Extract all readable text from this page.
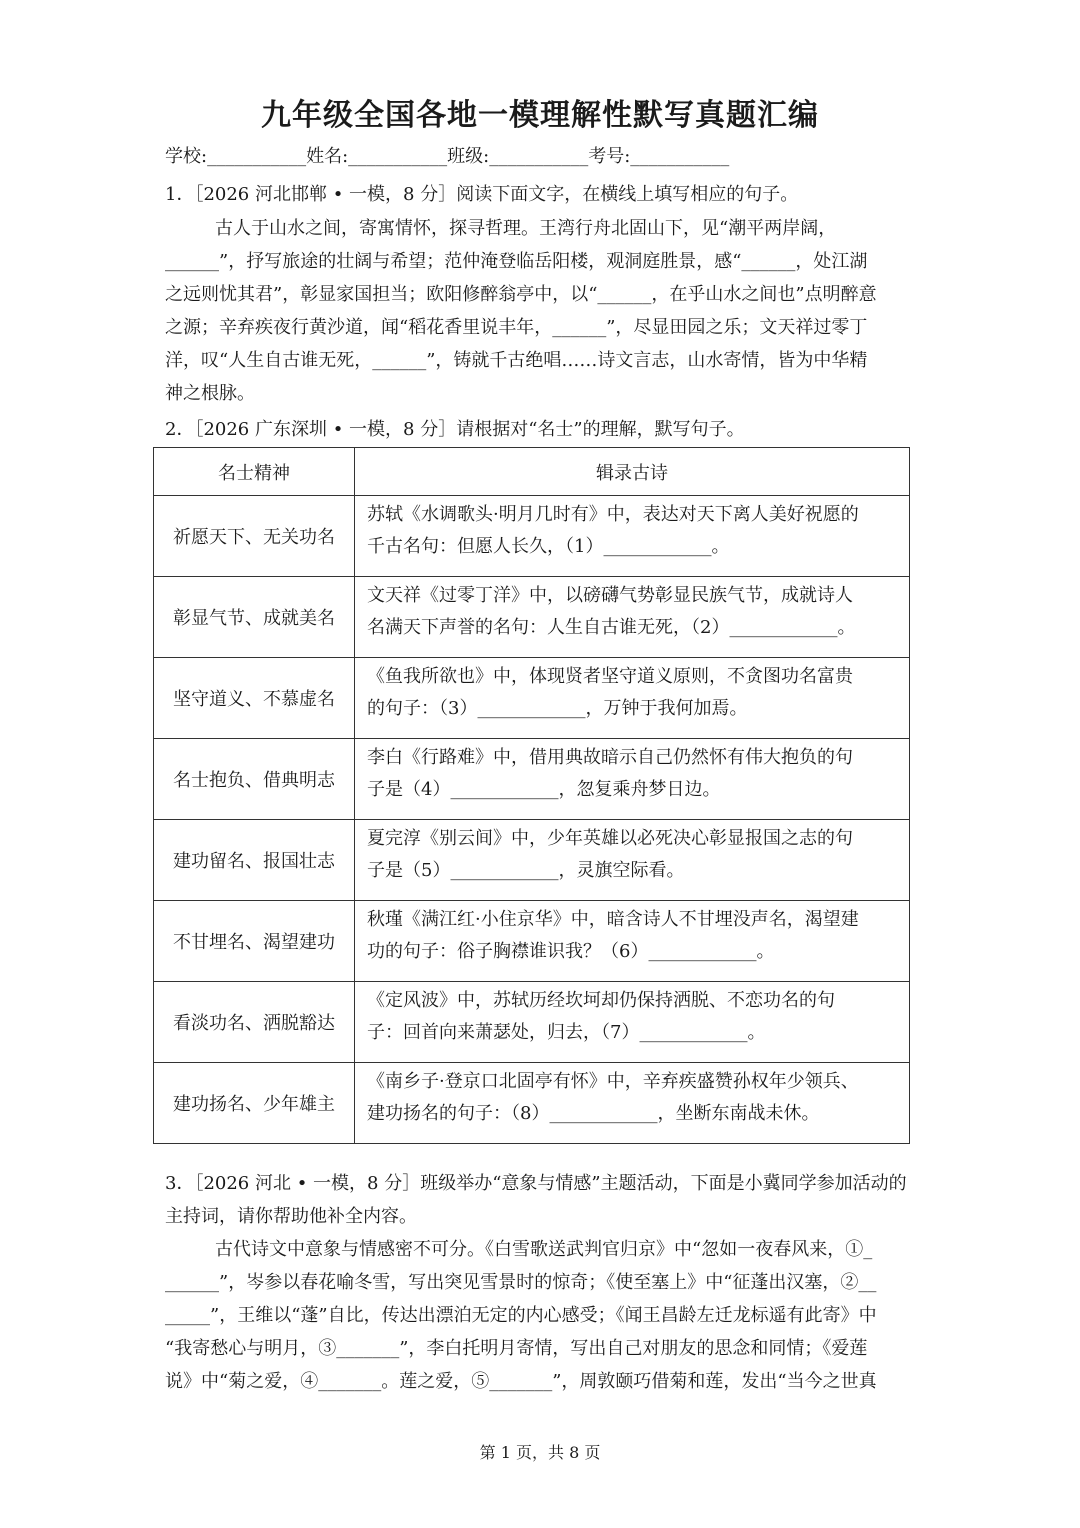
九年级全国各地一模理解性默写真题汇编
学校:___________姓名:___________班级:___________考号:___________
1．［2026 河北邯郸 • 一模，8 分］阅读下面文字，在横线上填写相应的句子。

古人于山水之间，寄寓情怀，探寻哲理。王湾行舟北固山下，见“潮平两岸阔，

______”，抒写旅途的壮阔与希望；范仲淹登临岳阳楼，观洞庭胜景，感“______，处江湖

之远则忧其君”，彰显家国担当；欧阳修醉翁亭中，以“______，在乎山水之间也”点明醉意

之源；辛弃疾夜行黄沙道，闻“稻花香里说丰年，______”，尽显田园之乐；文天祥过零丁

洋，叹“人生自古谁无死，______”，铸就千古绝唱……诗文言志，山水寄情，皆为中华精

神之根脉。

2．［2026 广东深圳 • 一模，8 分］请根据对“名士”的理解，默写句子。
名士精神	辑录古诗
祈愿天下、无关功名	苏轼《水调歌头·明月几时有》中，表达对天下离人美好祝愿的
千古名句：但愿人长久，（1）____________。

彰显气节、成就美名	文天祥《过零丁洋》中，以磅礴气势彰显民族气节，成就诗人
名满天下声誉的名句：人生自古谁无死，（2）____________。

坚守道义、不慕虚名	《鱼我所欲也》中，体现贤者坚守道义原则，不贪图功名富贵
的句子：（3）____________，万钟于我何加焉。

名士抱负、借典明志	李白《行路难》中，借用典故暗示自己仍然怀有伟大抱负的句
子是（4）____________，忽复乘舟梦日边。

建功留名、报国壮志	夏完淳《别云间》中，少年英雄以必死决心彰显报国之志的句
子是（5）____________，灵旗空际看。

不甘埋名、渴望建功	秋瑾《满江红·小住京华》中，暗含诗人不甘埋没声名，渴望建
功的句子：俗子胸襟谁识我？（6）____________。

看淡功名、洒脱豁达	《定风波》中，苏轼历经坎坷却仍保持洒脱、不恋功名的句
子：回首向来萧瑟处，归去，（7）____________。

建功扬名、少年雄主	《南乡子·登京口北固亭有怀》中，辛弃疾盛赞孙权年少领兵、
建功扬名的句子：（8）____________，坐断东南战未休。

3．［2026 河北 • 一模，8 分］班级举办“意象与情感”主题活动，下面是小冀同学参加活动的

主持词，请你帮助他补全内容。

古代诗文中意象与情感密不可分。《白雪歌送武判官归京》中“忽如一夜春风来，①_

______”，岑参以春花喻冬雪，写出突见雪景时的惊奇；《使至塞上》中“征蓬出汉塞，②__

_____”，王维以“蓬”自比，传达出漂泊无定的内心感受；《闻王昌龄左迁龙标遥有此寄》中

“我寄愁心与明月，③_______”，李白托明月寄情，写出自己对朋友的思念和同情；《爱莲

说》中“菊之爱，④_______。莲之爱，⑤_______”，周敦颐巧借菊和莲，发出“当今之世真

第 1 页，共 8 页
